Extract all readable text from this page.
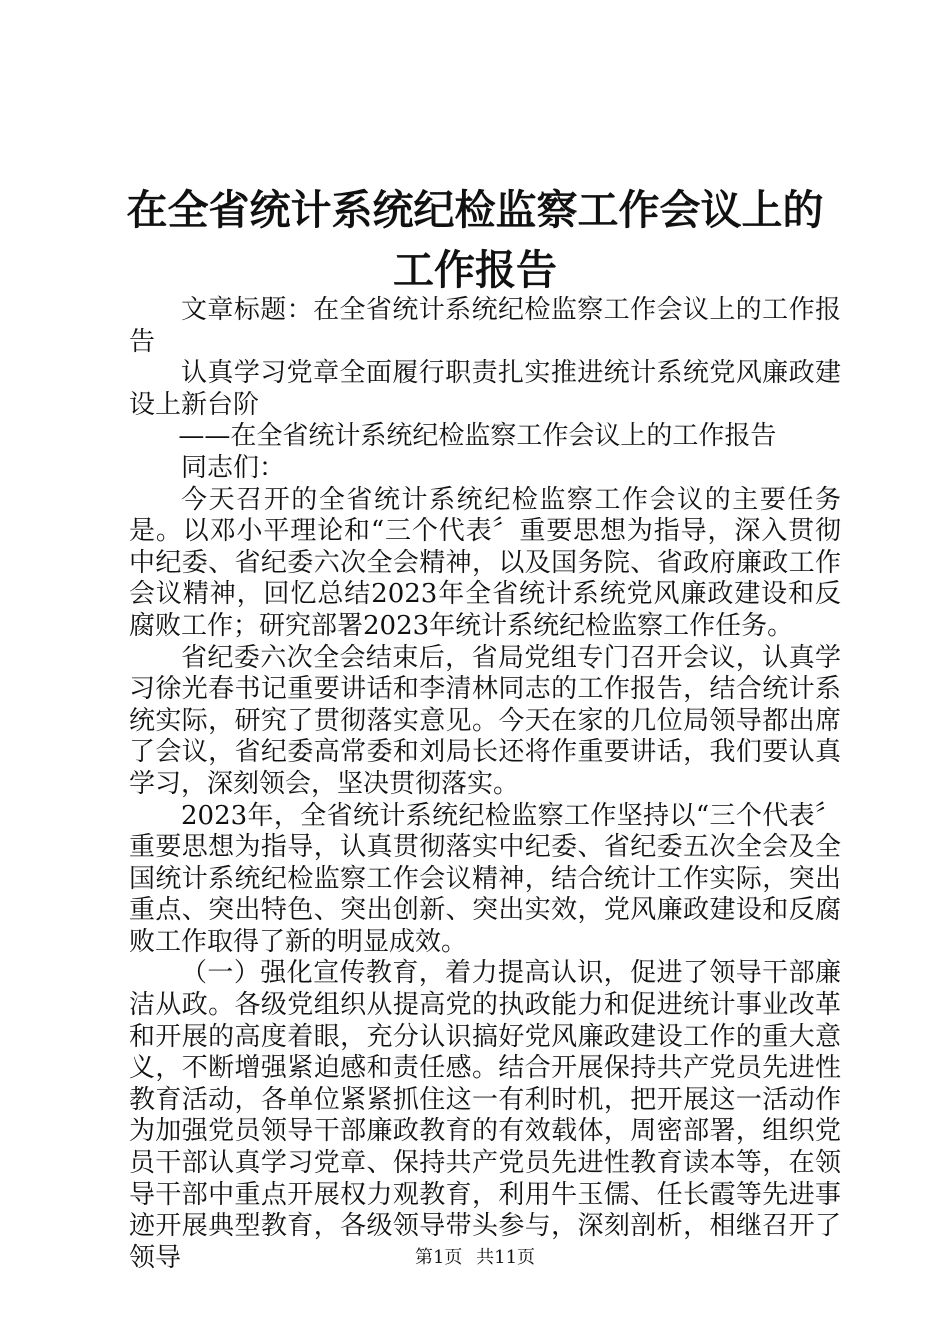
在全省统计系统纪检监察工作会议上的工作报告

文章标题：在全省统计系统纪检监察工作会议上的工作报告

认真学习党章全面履行职责扎实推进统计系统党风廉政建设上新台阶

——在全省统计系统纪检监察工作会议上的工作报告

同志们：

今天召开的全省统计系统纪检监察工作会议的主要任务是。以邓小平理论和“三个代表〞重要思想为指导，深入贯彻中纪委、省纪委六次全会精神，以及国务院、省政府廉政工作会议精神，回忆总结2023年全省统计系统党风廉政建设和反腐败工作；研究部署2023年统计系统纪检监察工作任务。

省纪委六次全会结束后，省局党组专门召开会议，认真学习徐光春书记重要讲话和李清林同志的工作报告，结合统计系统实际，研究了贯彻落实意见。今天在家的几位局领导都出席了会议，省纪委高常委和刘局长还将作重要讲话，我们要认真学习，深刻领会，坚决贯彻落实。

2023年，全省统计系统纪检监察工作坚持以“三个代表〞重要思想为指导，认真贯彻落实中纪委、省纪委五次全会及全国统计系统纪检监察工作会议精神，结合统计工作实际，突出重点、突出特色、突出创新、突出实效，党风廉政建设和反腐败工作取得了新的明显成效。

（一）强化宣传教育，着力提高认识，促进了领导干部廉洁从政。各级党组织从提高党的执政能力和促进统计事业改革和开展的高度着眼，充分认识搞好党风廉政建设工作的重大意义，不断增强紧迫感和责任感。结合开展保持共产党员先进性教育活动，各单位紧紧抓住这一有利时机，把开展这一活动作为加强党员领导干部廉政教育的有效载体，周密部署，组织党员干部认真学习党章、保持共产党员先进性教育读本等，在领导干部中重点开展权力观教育，利用牛玉儒、任长霞等先进事迹开展典型教育，各级领导带头参与，深刻剖析，相继召开了领导	第1页 共11页
